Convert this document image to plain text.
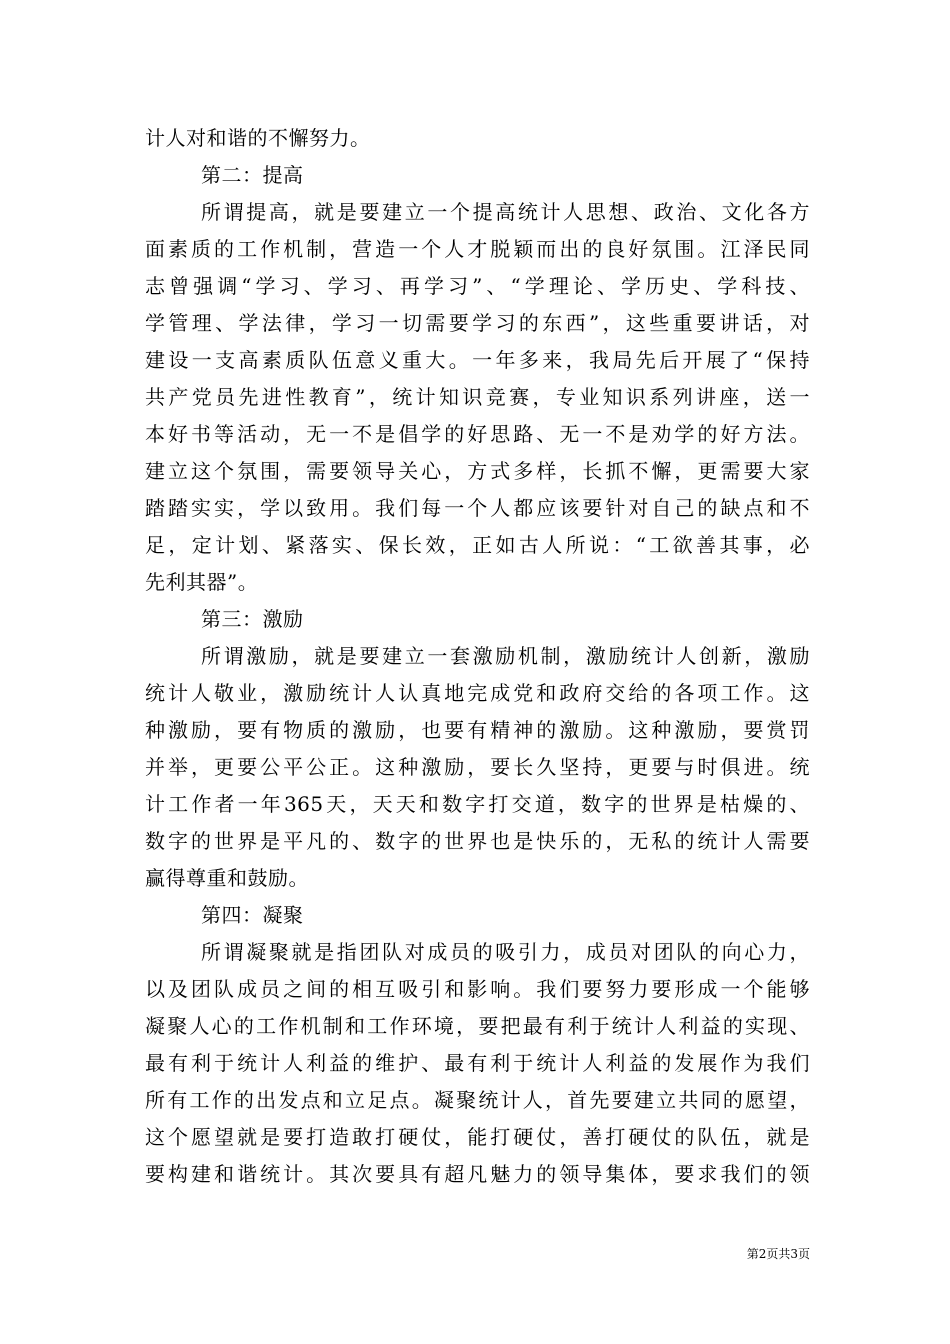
计人对和谐的不懈努力。
第二：提高
所谓提高，就是要建立一个提高统计人思想、政治、文化各方
面素质的工作机制，营造一个人才脱颖而出的良好氛围。江泽民同
志曾强调“学习、学习、再学习”、“学理论、学历史、学科技、
学管理、学法律，学习一切需要学习的东西”，这些重要讲话，对
建设一支高素质队伍意义重大。一年多来，我局先后开展了“保持
共产党员先进性教育”，统计知识竞赛，专业知识系列讲座，送一
本好书等活动，无一不是倡学的好思路、无一不是劝学的好方法。
建立这个氛围，需要领导关心，方式多样，长抓不懈，更需要大家
踏踏实实，学以致用。我们每一个人都应该要针对自己的缺点和不
足，定计划、紧落实、保长效，正如古人所说：“工欲善其事，必
先利其器”。
第三：激励
所谓激励，就是要建立一套激励机制，激励统计人创新，激励
统计人敬业，激励统计人认真地完成党和政府交给的各项工作。这
种激励，要有物质的激励，也要有精神的激励。这种激励，要赏罚
并举，更要公平公正。这种激励，要长久坚持，更要与时俱进。统
计工作者一年365天，天天和数字打交道，数字的世界是枯燥的、
数字的世界是平凡的、数字的世界也是快乐的，无私的统计人需要
赢得尊重和鼓励。
第四：凝聚
所谓凝聚就是指团队对成员的吸引力，成员对团队的向心力，
以及团队成员之间的相互吸引和影响。我们要努力要形成一个能够
凝聚人心的工作机制和工作环境，要把最有利于统计人利益的实现、
最有利于统计人利益的维护、最有利于统计人利益的发展作为我们
所有工作的出发点和立足点。凝聚统计人，首先要建立共同的愿望，
这个愿望就是要打造敢打硬仗，能打硬仗，善打硬仗的队伍，就是
要构建和谐统计。其次要具有超凡魅力的领导集体，要求我们的领
第2页共3页
